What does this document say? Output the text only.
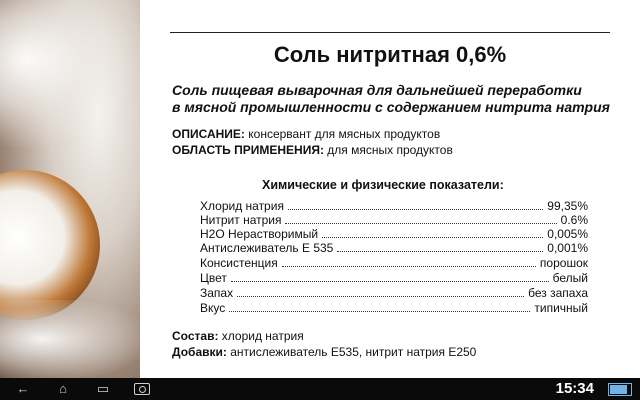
Соль нитритная 0,6%
Соль пищевая выварочная для дальнейшей переработки
в мясной промышленности с содержанием нитрита натрия
ОПИСАНИЕ: консервант для мясных продуктов
ОБЛАСТЬ ПРИМЕНЕНИЯ: для мясных продуктов
Химические и физические показатели:
Хлорид натрия	99,35%
Нитрит натрия	0.6%
H2O Нерастворимый	0,005%
Антислеживатель Е 535	0,001%
Консистенция	порошок
Цвет	белый
Запах	без запаха
Вкус	типичный
Состав: хлорид натрия
Добавки: антислеживатель Е535, нитрит натрия Е250 Avito
←	⌂	▭	15:34
